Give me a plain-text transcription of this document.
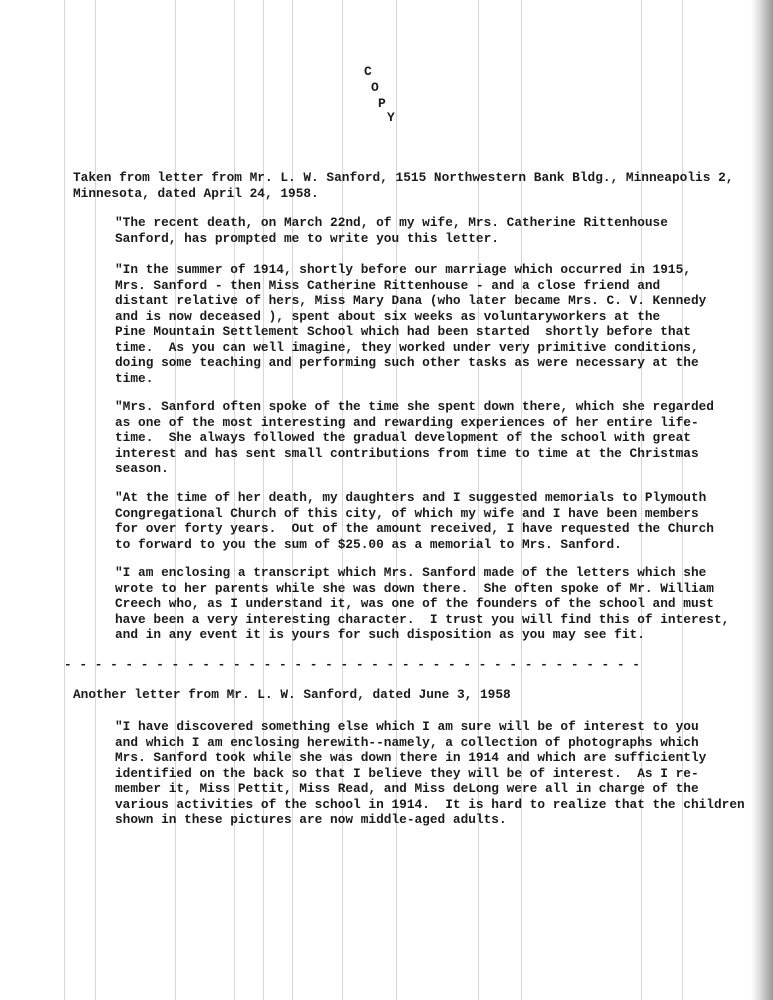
C
O
P
Y
Taken from letter from Mr. L. W. Sanford, 1515 Northwestern Bank Bldg., Minneapolis 2,
Minnesota, dated April 24, 1958.
"The recent death, on March 22nd, of my wife, Mrs. Catherine Rittenhouse
Sanford, has prompted me to write you this letter.
"In the summer of 1914, shortly before our marriage which occurred in 1915,
Mrs. Sanford - then Miss Catherine Rittenhouse - and a close friend and
distant relative of hers, Miss Mary Dana (who later became Mrs. C. V. Kennedy
and is now deceased ), spent about six weeks as voluntaryworkers at the
Pine Mountain Settlement School which had been started  shortly before that
time.  As you can well imagine, they worked under very primitive conditions,
doing some teaching and performing such other tasks as were necessary at the
time.
"Mrs. Sanford often spoke of the time she spent down there, which she regarded
as one of the most interesting and rewarding experiences of her entire life-
time.  She always followed the gradual development of the school with great
interest and has sent small contributions from time to time at the Christmas
season.
"At the time of her death, my daughters and I suggested memorials to Plymouth
Congregational Church of this city, of which my wife and I have been members
for over forty years.  Out of the amount received, I have requested the Church
to forward to you the sum of $25.00 as a memorial to Mrs. Sanford.
"I am enclosing a transcript which Mrs. Sanford made of the letters which she
wrote to her parents while she was down there.  She often spoke of Mr. William
Creech who, as I understand it, was one of the founders of the school and must
have been a very interesting character.  I trust you will find this of interest,
and in any event it is yours for such disposition as you may see fit.
- - - - - - - - - - - - - - - - - - - - - - - - - - - - - - - - - - - - - -
Another letter from Mr. L. W. Sanford, dated June 3, 1958
"I have discovered something else which I am sure will be of interest to you
and which I am enclosing herewith--namely, a collection of photographs which
Mrs. Sanford took while she was down there in 1914 and which are sufficiently
identified on the back so that I believe they will be of interest.  As I re-
member it, Miss Pettit, Miss Read, and Miss deLong were all in charge of the
various activities of the school in 1914.  It is hard to realize that the children
shown in these pictures are now middle-aged adults.
